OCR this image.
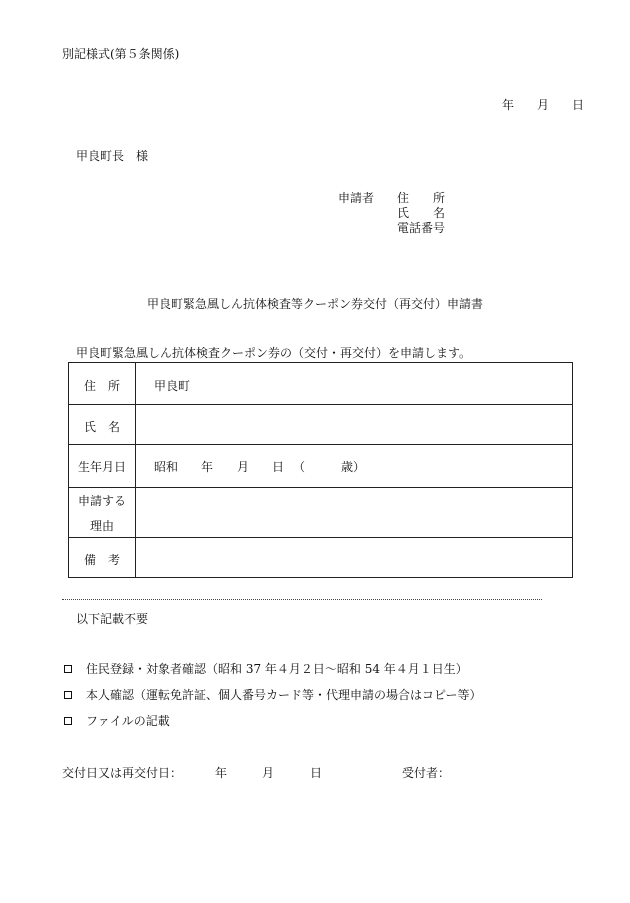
別記様式(第５条関係)
年 月 日
甲良町長　様
申請者 住　　所
氏　　名
電話番号
甲良町緊急風しん抗体検査等クーポン券交付（再交付）申請書
甲良町緊急風しん抗体検査クーポン券の（交付・再交付）を申請します。
住　所	甲良町
氏　名
生年月日	昭和 年 月 日 （　　　歳）
申請する
理由
備　考
以下記載不要
住民登録・対象者確認（昭和 37 年４月２日～昭和 54 年４月１日生）
本人確認（運転免許証、個人番号カード等・代理申請の場合はコピー等）
ファイルの記載
交付日又は再交付日：	年	月	日	受付者：
